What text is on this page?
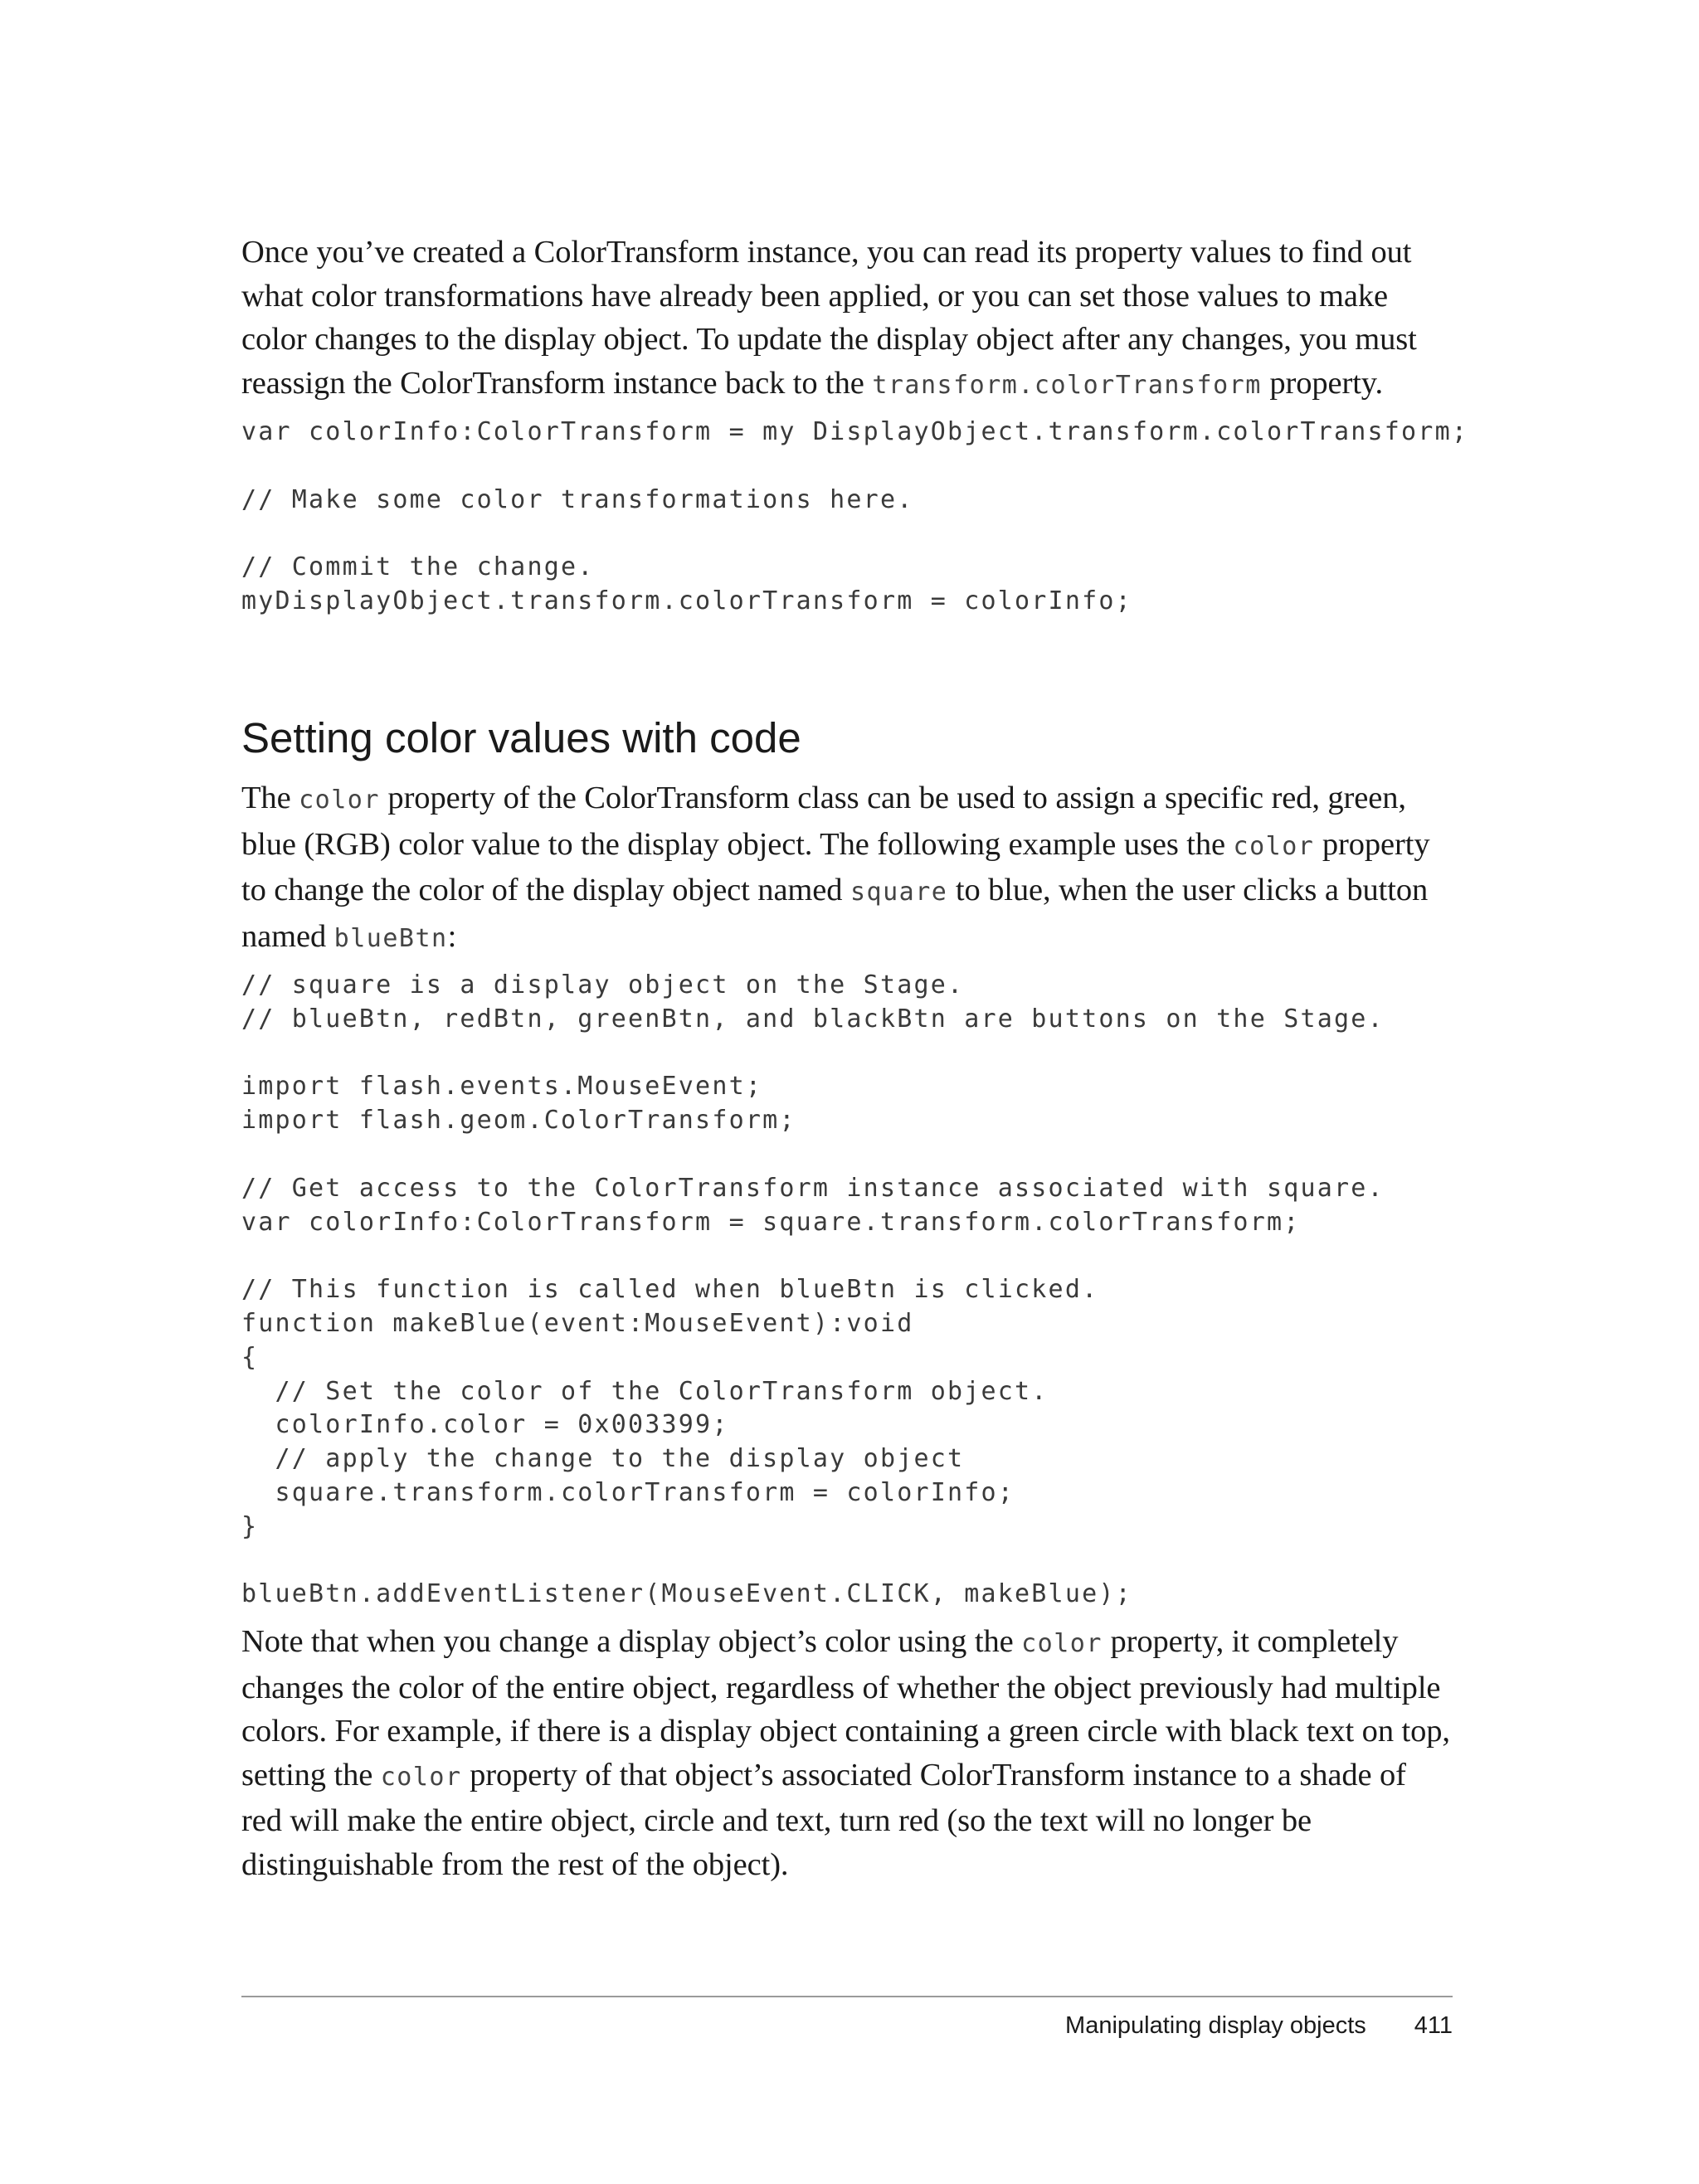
Once you’ve created a ColorTransform instance, you can read its property values to find out what color transformations have already been applied, or you can set those values to make color changes to the display object. To update the display object after any changes, you must reassign the ColorTransform instance back to the transform.colorTransform property.

var colorInfo:ColorTransform = my DisplayObject.transform.colorTransform;

// Make some color transformations here.

// Commit the change.
myDisplayObject.transform.colorTransform = colorInfo;
Setting color values with code

The color property of the ColorTransform class can be used to assign a specific red, green, blue (RGB) color value to the display object. The following example uses the color property to change the color of the display object named square to blue, when the user clicks a button named blueBtn:

// square is a display object on the Stage.
// blueBtn, redBtn, greenBtn, and blackBtn are buttons on the Stage.

import flash.events.MouseEvent;
import flash.geom.ColorTransform;

// Get access to the ColorTransform instance associated with square.
var colorInfo:ColorTransform = square.transform.colorTransform;

// This function is called when blueBtn is clicked.
function makeBlue(event:MouseEvent):void
{
// Set the color of the ColorTransform object.
colorInfo.color = 0x003399;
// apply the change to the display object
square.transform.colorTransform = colorInfo;
}

blueBtn.addEventListener(MouseEvent.CLICK, makeBlue);

Note that when you change a display object’s color using the color property, it completely changes the color of the entire object, regardless of whether the object previously had multiple colors. For example, if there is a display object containing a green circle with black text on top, setting the color property of that object’s associated ColorTransform instance to a shade of red will make the entire object, circle and text, turn red (so the text will no longer be distinguishable from the rest of the object).

Manipulating display objects 411
